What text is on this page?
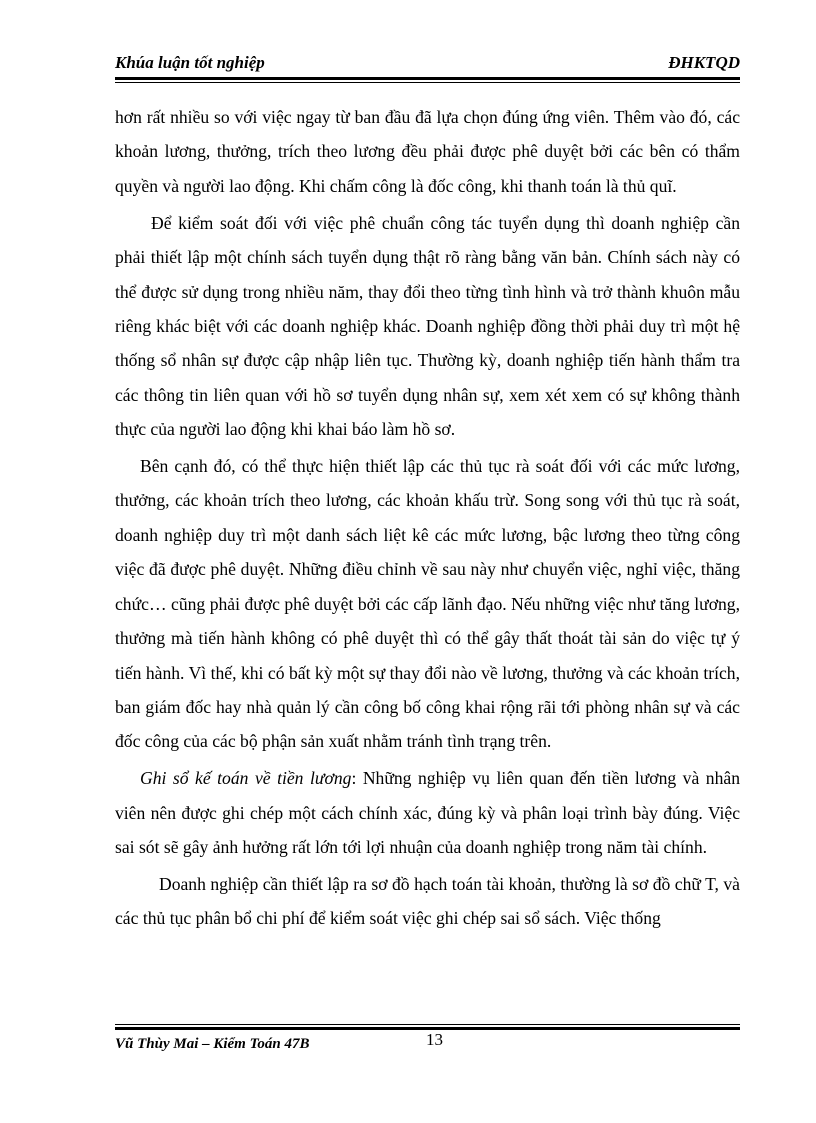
Khúa luận tốt nghiệp	ĐHKTQD

hơn rất nhiều so với việc ngay từ ban đầu đã lựa chọn đúng ứng viên. Thêm vào đó, các khoản lương, thưởng, trích theo lương đều phải được phê duyệt bởi các bên có thẩm quyền và người lao động. Khi chấm công là đốc công, khi thanh toán là thủ quĩ.

Để kiểm soát đối với việc phê chuẩn công tác tuyển dụng thì doanh nghiệp cần phải thiết lập một chính sách tuyển dụng thật rõ ràng bằng văn bản. Chính sách này có thể được sử dụng trong nhiều năm, thay đổi theo từng tình hình và trở thành khuôn mẫu riêng khác biệt với các doanh nghiệp khác. Doanh nghiệp đồng thời phải duy trì một hệ thống sổ nhân sự được cập nhập liên tục. Thường kỳ, doanh nghiệp tiến hành thẩm tra các thông tin liên quan với hồ sơ tuyển dụng nhân sự, xem xét xem có sự không thành thực của người lao động khi khai báo làm hồ sơ.

Bên cạnh đó, có thể thực hiện thiết lập các thủ tục rà soát đối với các mức lương, thưởng, các khoản trích theo lương, các khoản khấu trừ. Song song với thủ tục rà soát, doanh nghiệp duy trì một danh sách liệt kê các mức lương, bậc lương theo từng công việc đã được phê duyệt. Những điều chỉnh về sau này như chuyển việc, nghỉ việc, thăng chức… cũng phải được phê duyệt bởi các cấp lãnh đạo. Nếu những việc như tăng lương, thưởng mà tiến hành không có phê duyệt thì có thể gây thất thoát tài sản do việc tự ý tiến hành. Vì thế, khi có bất kỳ một sự thay đổi nào về lương, thưởng và các khoản trích, ban giám đốc hay nhà quản lý cần công bố công khai rộng rãi tới phòng nhân sự và các đốc công của các bộ phận sản xuất nhằm tránh tình trạng trên.

Ghi sổ kế toán về tiền lương: Những nghiệp vụ liên quan đến tiền lương và nhân viên nên được ghi chép một cách chính xác, đúng kỳ và phân loại trình bày đúng. Việc sai sót sẽ gây ảnh hưởng rất lớn tới lợi nhuận của doanh nghiệp trong năm tài chính.

Doanh nghiệp cần thiết lập ra sơ đồ hạch toán tài khoản, thường là sơ đồ chữ T, và các thủ tục phân bổ chi phí để kiểm soát việc ghi chép sai sổ sách. Việc thống

Vũ Thùy Mai – Kiểm Toán 47B	13
